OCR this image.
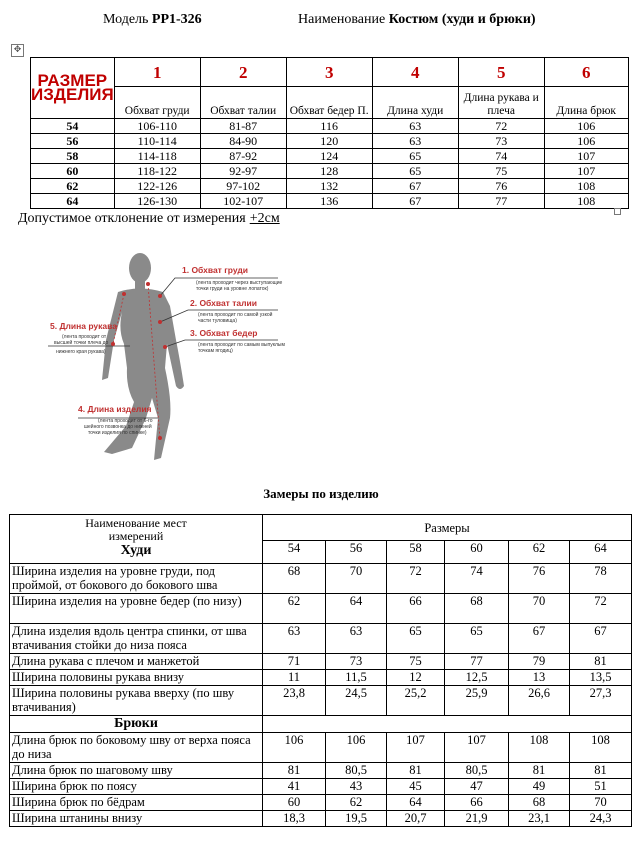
Модель РР1-326	Наименование Костюм (худи и брюки)
✥
РАЗМЕР ИЗДЕЛИЯ	1	2	3	4	5	6
	Обхват груди	Обхват талии	Обхват бедер П.	Длина худи	Длина рукава и плеча	Длина брюк
54	106-110	81-87	116	63	72	106
56	110-114	84-90	120	63	73	106
58	114-118	87-92	124	65	74	107
60	118-122	92-97	128	65	75	107
62	122-126	97-102	132	67	76	108
64	126-130	102-107	136	67	77	108
Допустимое отклонение от измерения +2см
1. Обхват груди
(лента проходит через выступающие
точки груди на уровне лопаток)
2. Обхват талии
(лента проходит по самой узкой
части туловища)
3. Обхват бедер
(лента проходит по самым выпуклым
точкам ягодиц)
5. Длина рукава
(лента проходит от
высшей точки плеча до
нижнего края рукава)
4. Длина изделия
(лента проходит от 6-го
шейного позвонка до нижней
точки изделия по спинке)
Замеры по изделию
Наименование мест измерений
Худи	Размеры					
	54	56	58	60	62	64
Ширина изделия на уровне груди, под проймой, от бокового до бокового шва	68	70	72	74	76	78
Ширина изделия на уровне бедер (по низу)	62	64	66	68	70	72
Длина изделия вдоль центра спинки, от шва втачивания стойки до низа пояса	63	63	65	65	67	67
Длина рукава с плечом и манжетой	71	73	75	77	79	81
Ширина половины рукава внизу	11	11,5	12	12,5	13	13,5
Ширина половины рукава вверху (по шву втачивания)	23,8	24,5	25,2	25,9	26,6	27,3
Брюки						
Длина брюк по боковому шву от верха пояса до низа	106	106	107	107	108	108
Длина брюк по шаговому шву	81	80,5	81	80,5	81	81
Ширина брюк по поясу	41	43	45	47	49	51
Ширина брюк по бёдрам	60	62	64	66	68	70
Ширина штанины внизу	18,3	19,5	20,7	21,9	23,1	24,3
